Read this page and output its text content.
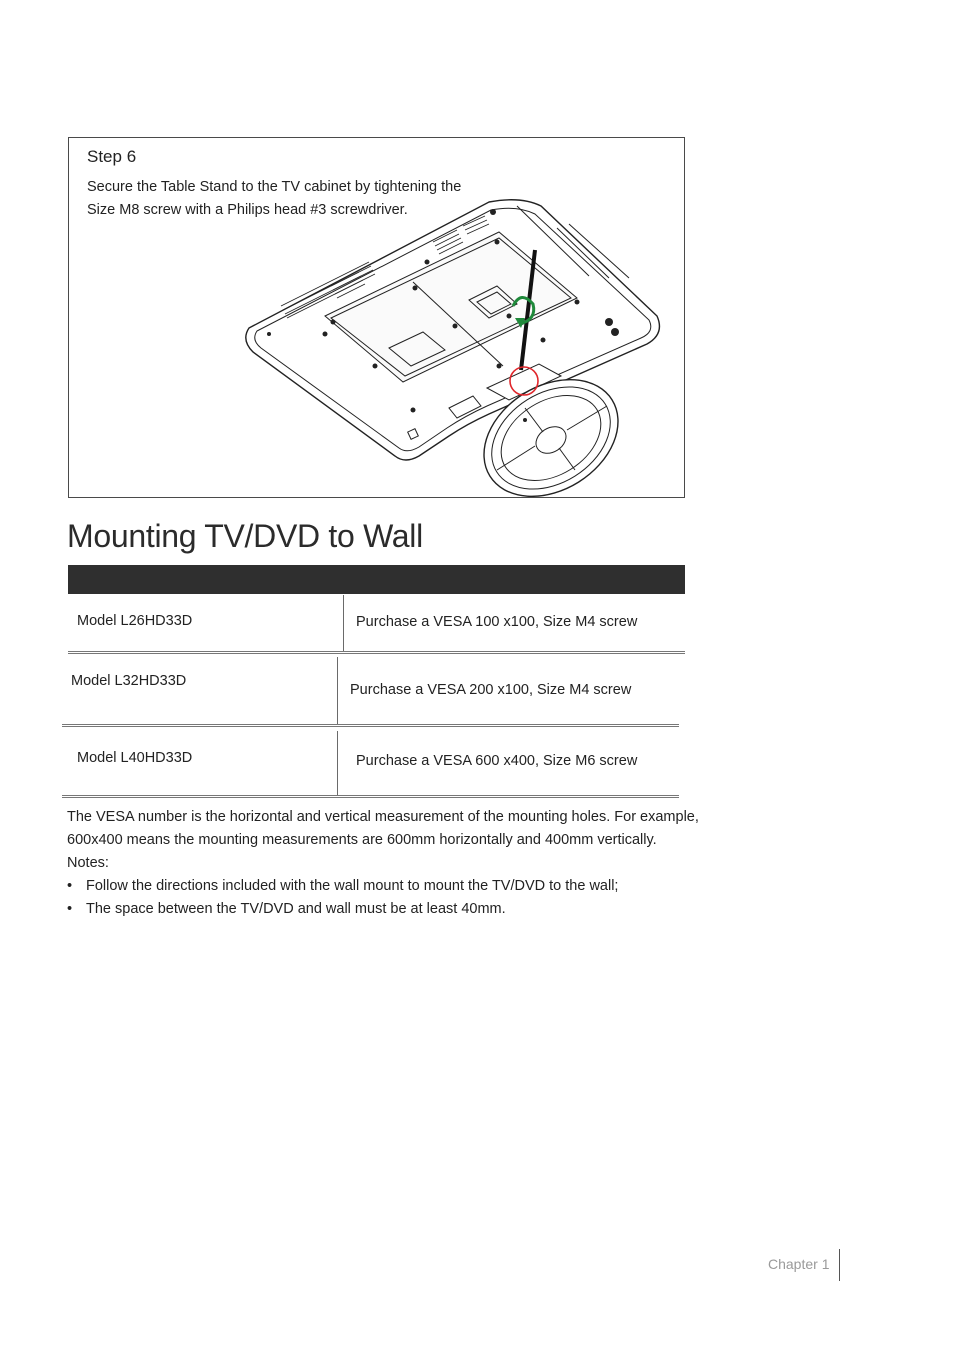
Step 6
Secure the Table Stand to the TV cabinet by tightening the Size M8 screw with a Philips head #3 screwdriver.
Mounting TV/DVD to Wall
Model L26HD33D	Purchase a VESA 100 x100, Size M4 screw
Model L32HD33D
Purchase a VESA 200 x100, Size M4 screw
Model L40HD33D	Purchase a VESA 600 x400, Size M6 screw
The VESA number is the horizontal and vertical measurement of the mounting holes. For example, 600x400 means the mounting measurements are 600mm horizontally and 400mm vertically.
Notes:
• Follow the directions included with the wall mount to mount the TV/DVD to the wall;
• The space between the TV/DVD and wall must be at least 40mm.
Chapter 1
